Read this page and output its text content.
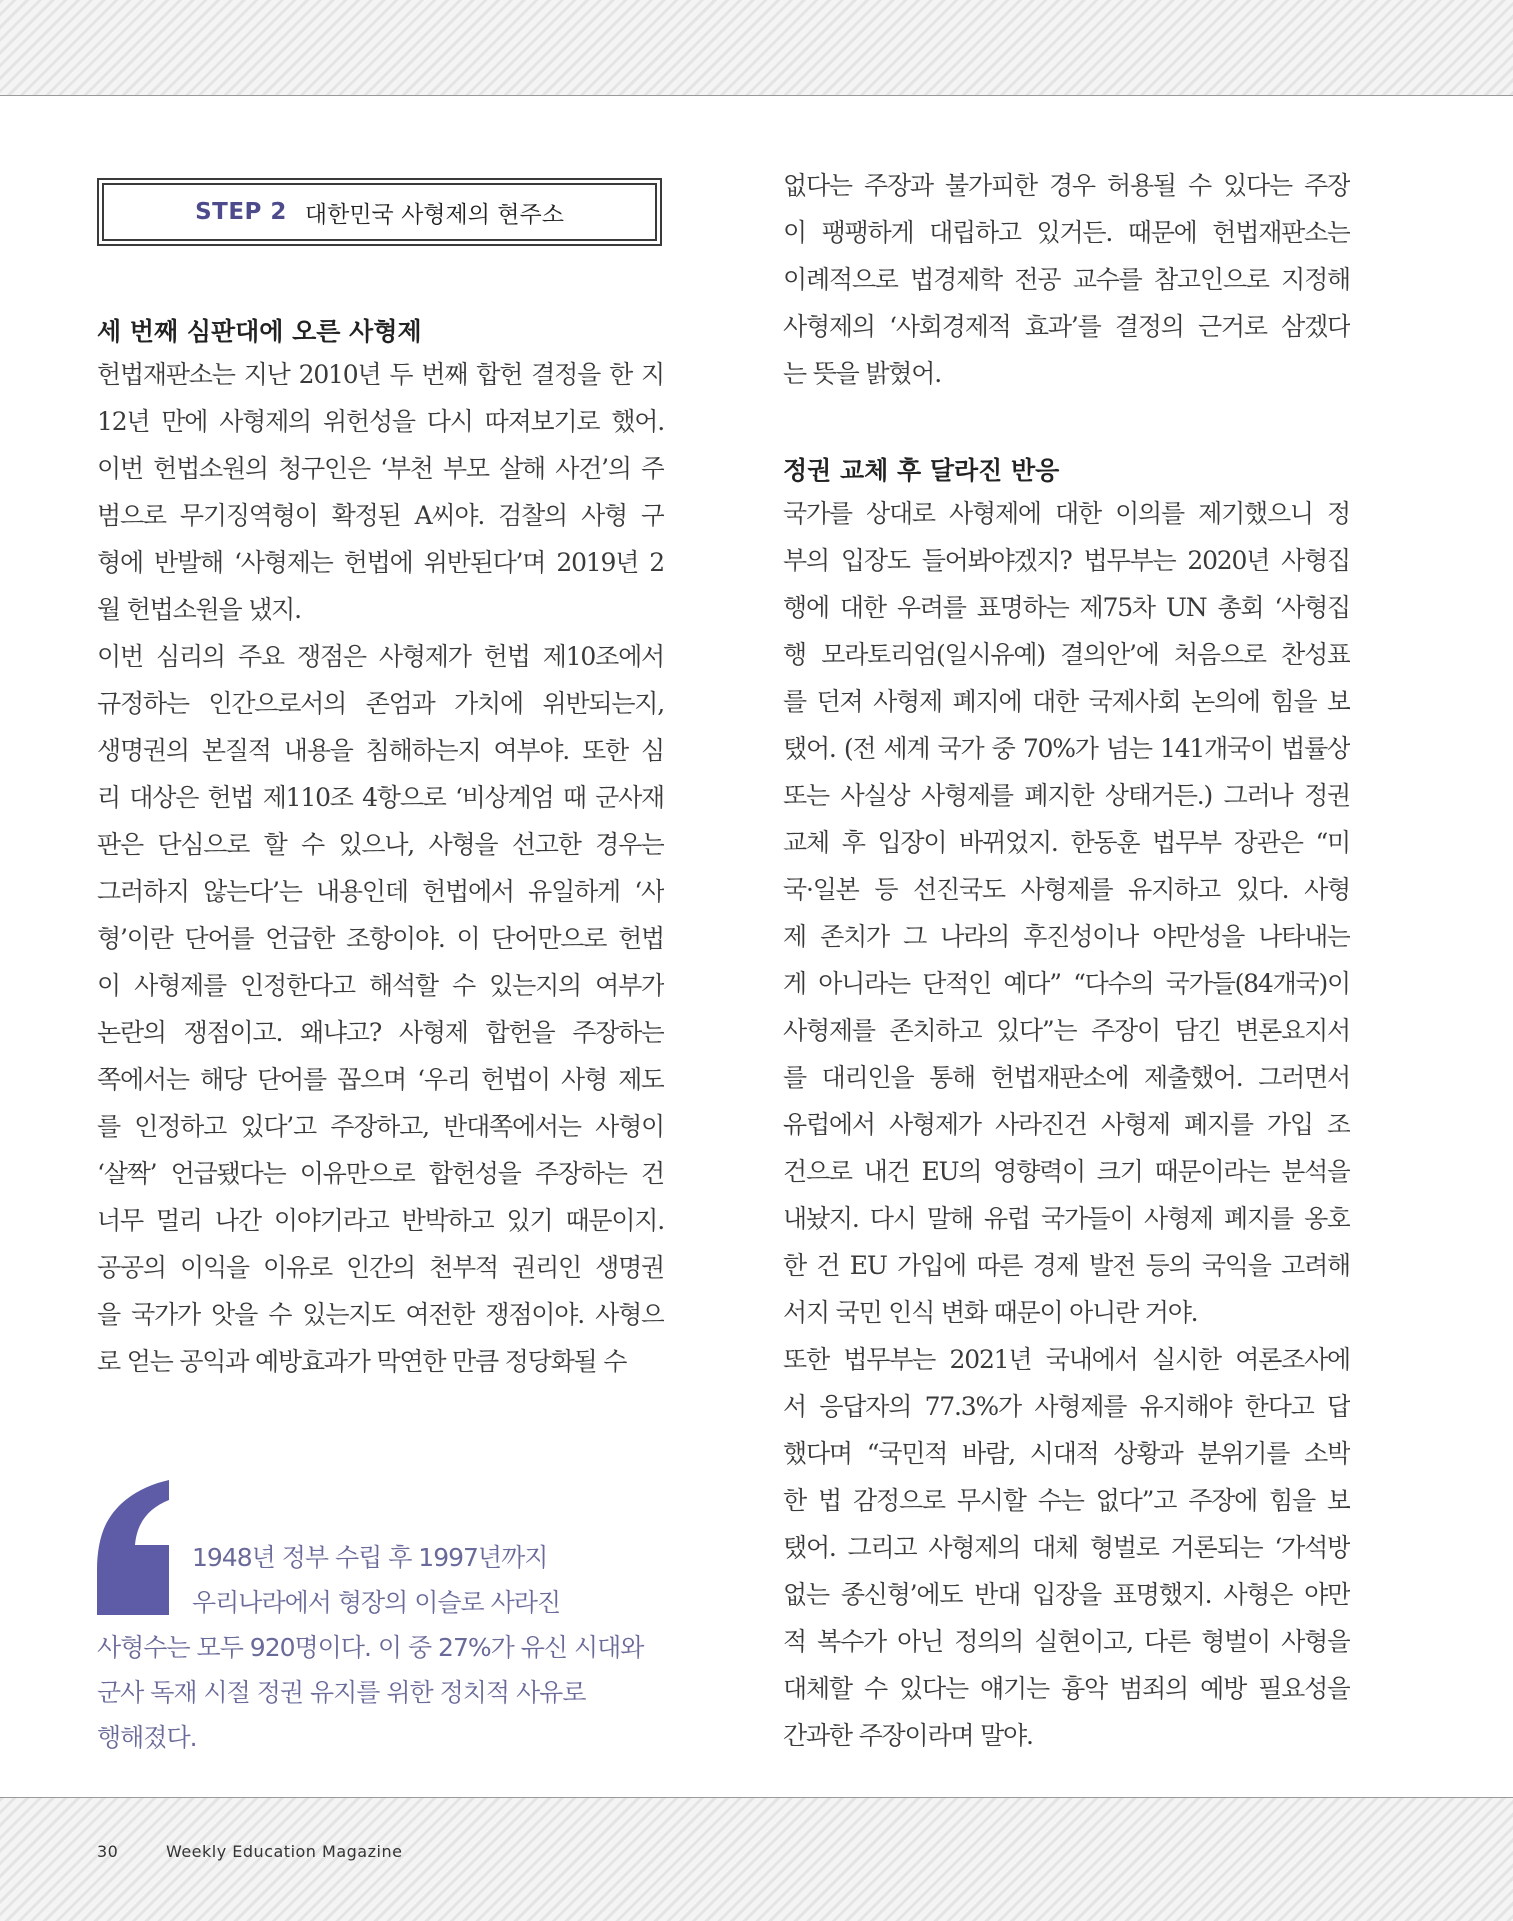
STEP 2 대한민국 사형제의 현주소
세 번째 심판대에 오른 사형제
헌법재판소는 지난 2010년 두 번째 합헌 결정을 한 지
12년 만에 사형제의 위헌성을 다시 따져보기로 했어.
이번 헌법소원의 청구인은 ‘부천 부모 살해 사건’의 주
범으로 무기징역형이 확정된 A씨야. 검찰의 사형 구
형에 반발해 ‘사형제는 헌법에 위반된다’며 2019년 2
월 헌법소원을 냈지.
이번 심리의 주요 쟁점은 사형제가 헌법 제10조에서
규정하는 인간으로서의 존엄과 가치에 위반되는지,
생명권의 본질적 내용을 침해하는지 여부야. 또한 심
리 대상은 헌법 제110조 4항으로 ‘비상계엄 때 군사재
판은 단심으로 할 수 있으나, 사형을 선고한 경우는
그러하지 않는다’는 내용인데 헌법에서 유일하게 ‘사
형’이란 단어를 언급한 조항이야. 이 단어만으로 헌법
이 사형제를 인정한다고 해석할 수 있는지의 여부가
논란의 쟁점이고. 왜냐고? 사형제 합헌을 주장하는
쪽에서는 해당 단어를 꼽으며 ‘우리 헌법이 사형 제도
를 인정하고 있다’고 주장하고, 반대쪽에서는 사형이
‘살짝’ 언급됐다는 이유만으로 합헌성을 주장하는 건
너무 멀리 나간 이야기라고 반박하고 있기 때문이지.
공공의 이익을 이유로 인간의 천부적 권리인 생명권
을 국가가 앗을 수 있는지도 여전한 쟁점이야. 사형으
로 얻는 공익과 예방효과가 막연한 만큼 정당화될 수
1948년 정부 수립 후 1997년까지
우리나라에서 형장의 이슬로 사라진
사형수는 모두 920명이다. 이 중 27%가 유신 시대와
군사 독재 시절 정권 유지를 위한 정치적 사유로
행해졌다.
없다는 주장과 불가피한 경우 허용될 수 있다는 주장
이 팽팽하게 대립하고 있거든. 때문에 헌법재판소는
이례적으로 법경제학 전공 교수를 참고인으로 지정해
사형제의 ‘사회경제적 효과’를 결정의 근거로 삼겠다
는 뜻을 밝혔어.
정권 교체 후 달라진 반응
국가를 상대로 사형제에 대한 이의를 제기했으니 정
부의 입장도 들어봐야겠지? 법무부는 2020년 사형집
행에 대한 우려를 표명하는 제75차 UN 총회 ‘사형집
행 모라토리엄(일시유예) 결의안’에 처음으로 찬성표
를 던져 사형제 폐지에 대한 국제사회 논의에 힘을 보
탰어. (전 세계 국가 중 70%가 넘는 141개국이 법률상
또는 사실상 사형제를 폐지한 상태거든.) 그러나 정권
교체 후 입장이 바뀌었지. 한동훈 법무부 장관은 “미
국·일본 등 선진국도 사형제를 유지하고 있다. 사형
제 존치가 그 나라의 후진성이나 야만성을 나타내는
게 아니라는 단적인 예다” “다수의 국가들(84개국)이
사형제를 존치하고 있다”는 주장이 담긴 변론요지서
를 대리인을 통해 헌법재판소에 제출했어. 그러면서
유럽에서 사형제가 사라진건 사형제 폐지를 가입 조
건으로 내건 EU의 영향력이 크기 때문이라는 분석을
내놨지. 다시 말해 유럽 국가들이 사형제 폐지를 옹호
한 건 EU 가입에 따른 경제 발전 등의 국익을 고려해
서지 국민 인식 변화 때문이 아니란 거야.
또한 법무부는 2021년 국내에서 실시한 여론조사에
서 응답자의 77.3%가 사형제를 유지해야 한다고 답
했다며 “국민적 바람, 시대적 상황과 분위기를 소박
한 법 감정으로 무시할 수는 없다”고 주장에 힘을 보
탰어. 그리고 사형제의 대체 형벌로 거론되는 ‘가석방
없는 종신형’에도 반대 입장을 표명했지. 사형은 야만
적 복수가 아닌 정의의 실현이고, 다른 형벌이 사형을
대체할 수 있다는 얘기는 흉악 범죄의 예방 필요성을
간과한 주장이라며 말야.
30	Weekly Education Magazine
